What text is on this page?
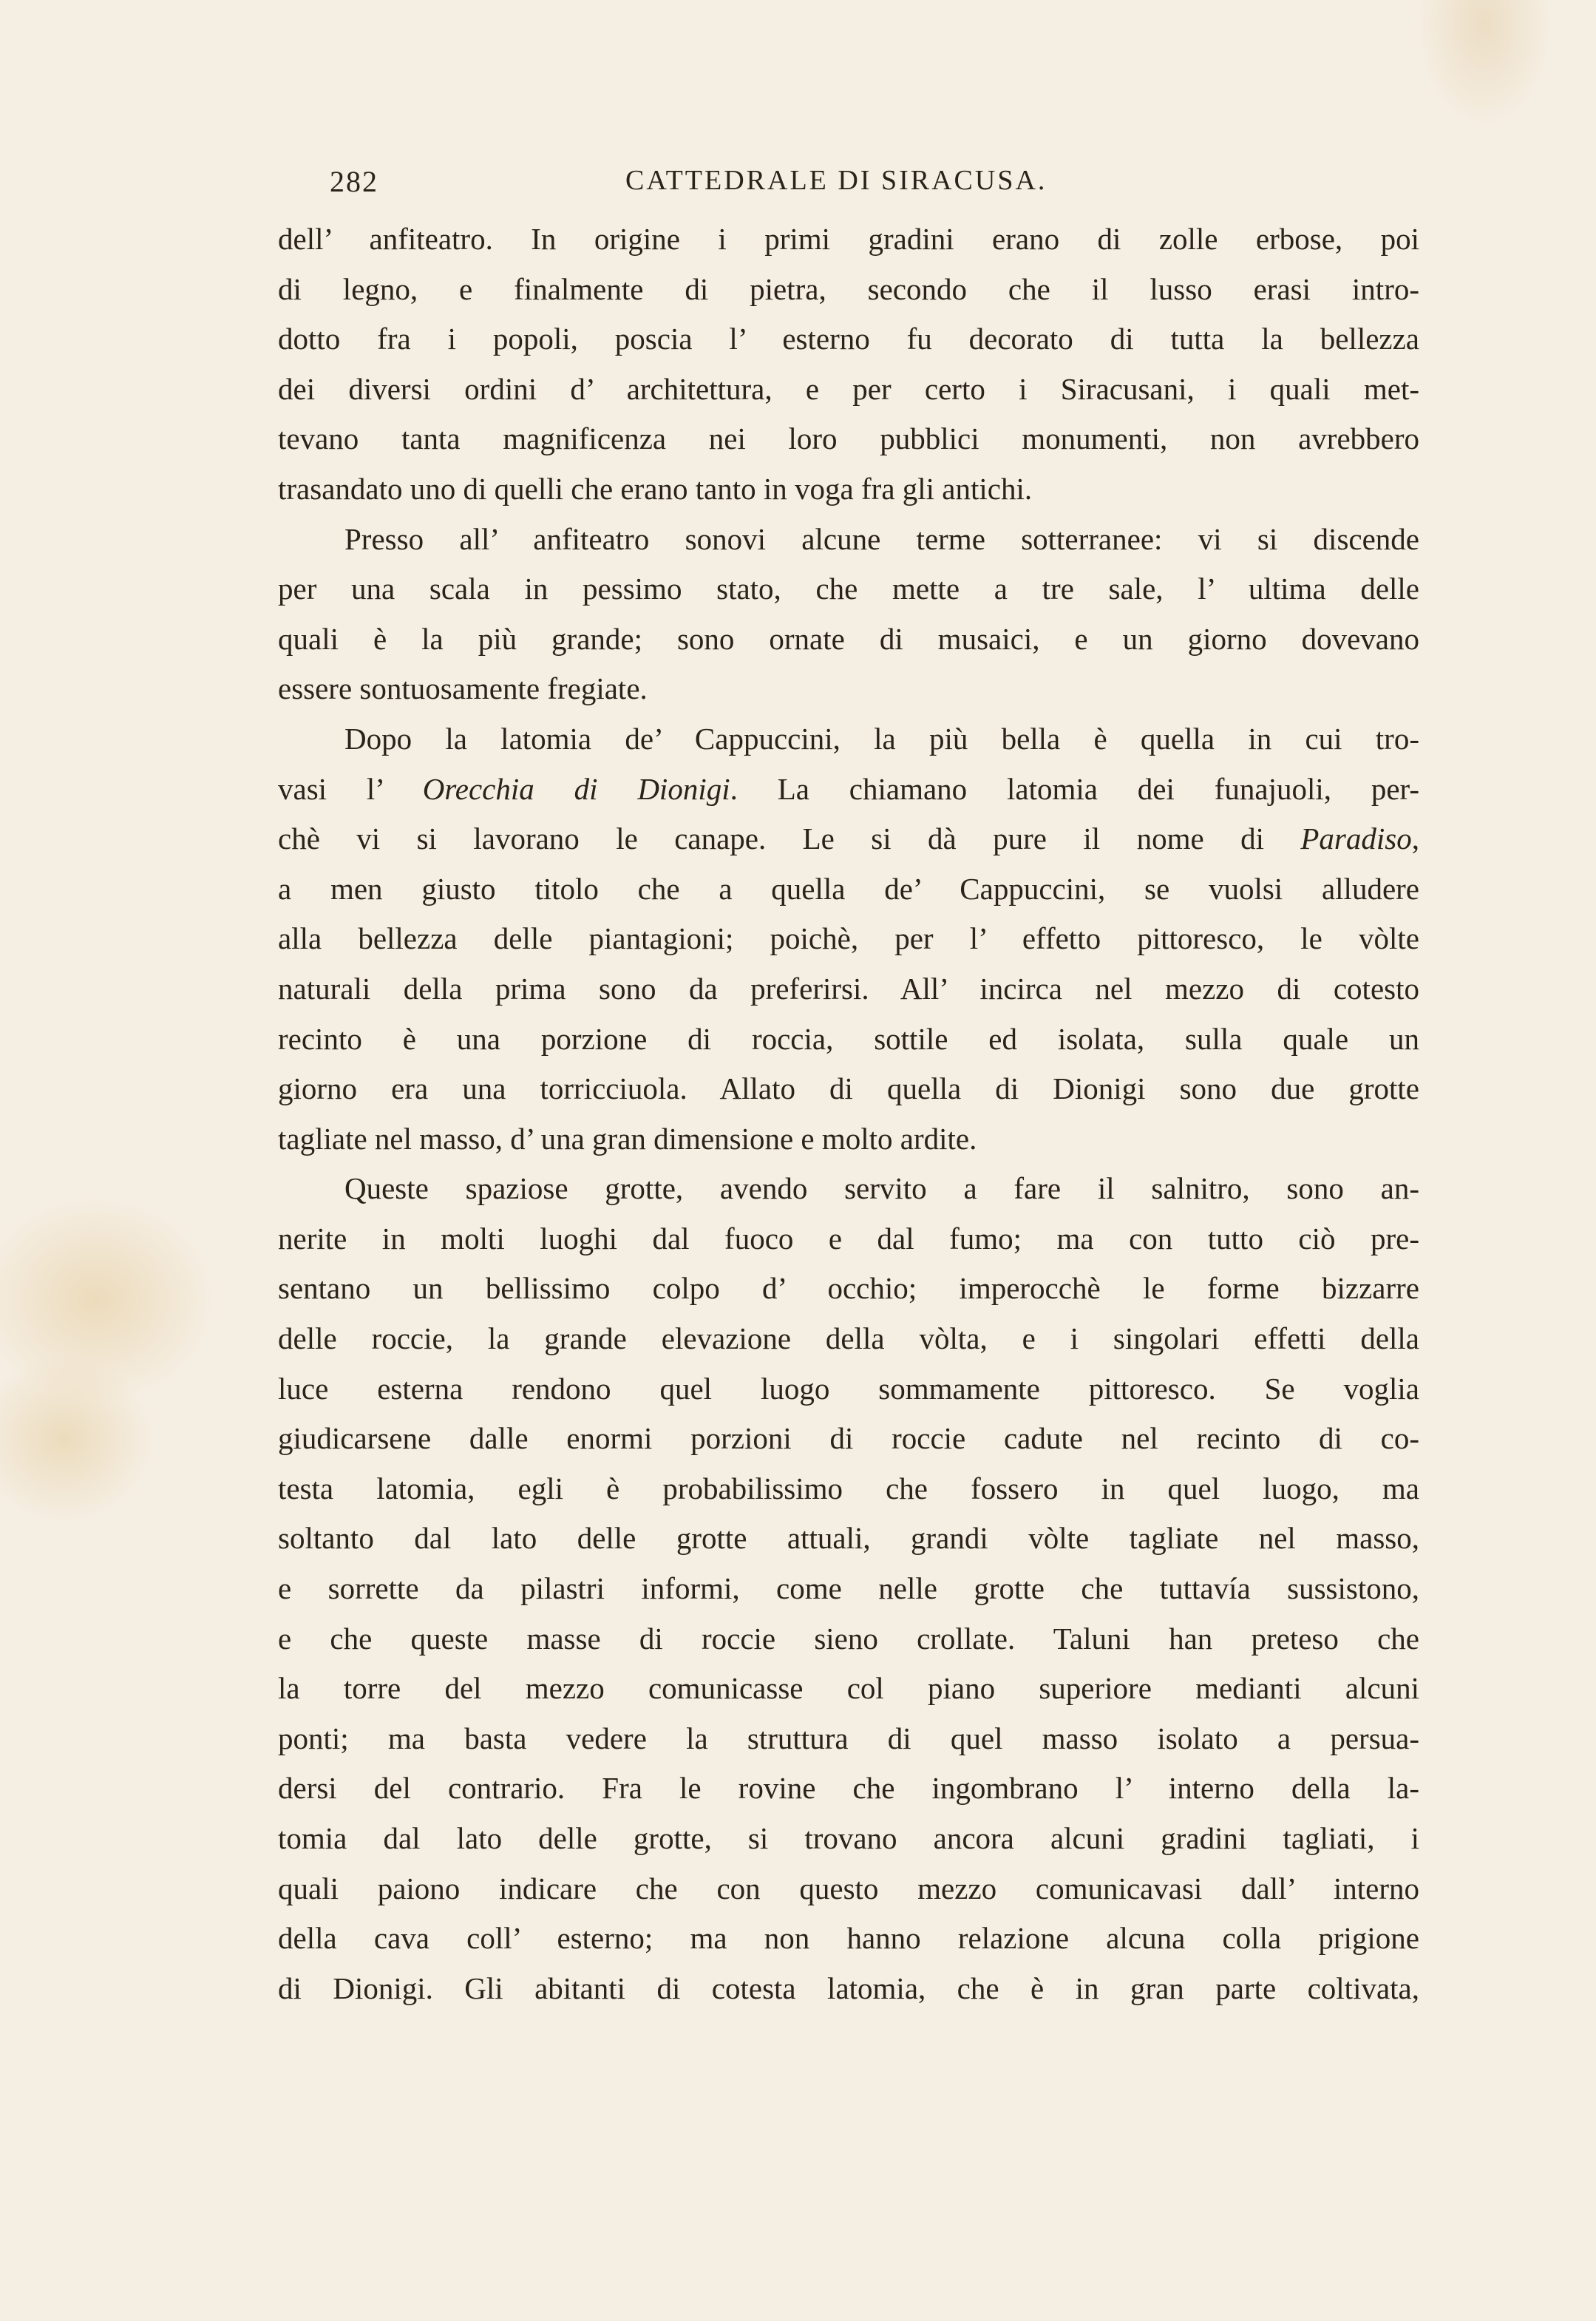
282	CATTEDRALE DI SIRACUSA.
dell’ anfiteatro. In origine i primi gradini erano di zolle erbose, poi
di legno, e finalmente di pietra, secondo che il lusso erasi intro-
dotto fra i popoli, poscia l’ esterno fu decorato di tutta la bellezza
dei diversi ordini d’ architettura, e per certo i Siracusani, i quali met-
tevano tanta magnificenza nei loro pubblici monumenti, non avrebbero
trasandato uno di quelli che erano tanto in voga fra gli antichi.
Presso all’ anfiteatro sonovi alcune terme sotterranee: vi si discende
per una scala in pessimo stato, che mette a tre sale, l’ ultima delle
quali è la più grande; sono ornate di musaici, e un giorno dovevano
essere sontuosamente fregiate.
Dopo la latomia de’ Cappuccini, la più bella è quella in cui tro-
vasi l’ Orecchia di Dionigi. La chiamano latomia dei funajuoli, per-
chè vi si lavorano le canape. Le si dà pure il nome di Paradiso,
a men giusto titolo che a quella de’ Cappuccini, se vuolsi alludere
alla bellezza delle piantagioni; poichè, per l’ effetto pittoresco, le vòlte
naturali della prima sono da preferirsi. All’ incirca nel mezzo di cotesto
recinto è una porzione di roccia, sottile ed isolata, sulla quale un
giorno era una torricciuola. Allato di quella di Dionigi sono due grotte
tagliate nel masso, d’ una gran dimensione e molto ardite.
Queste spaziose grotte, avendo servito a fare il salnitro, sono an-
nerite in molti luoghi dal fuoco e dal fumo; ma con tutto ciò pre-
sentano un bellissimo colpo d’ occhio; imperocchè le forme bizzarre
delle roccie, la grande elevazione della vòlta, e i singolari effetti della
luce esterna rendono quel luogo sommamente pittoresco. Se voglia
giudicarsene dalle enormi porzioni di roccie cadute nel recinto di co-
testa latomia, egli è probabilissimo che fossero in quel luogo, ma
soltanto dal lato delle grotte attuali, grandi vòlte tagliate nel masso,
e sorrette da pilastri informi, come nelle grotte che tuttavía sussistono,
e che queste masse di roccie sieno crollate. Taluni han preteso che
la torre del mezzo comunicasse col piano superiore medianti alcuni
ponti; ma basta vedere la struttura di quel masso isolato a persua-
dersi del contrario. Fra le rovine che ingombrano l’ interno della la-
tomia dal lato delle grotte, si trovano ancora alcuni gradini tagliati, i
quali paiono indicare che con questo mezzo comunicavasi dall’ interno
della cava coll’ esterno; ma non hanno relazione alcuna colla prigione
di Dionigi. Gli abitanti di cotesta latomia, che è in gran parte coltivata,
